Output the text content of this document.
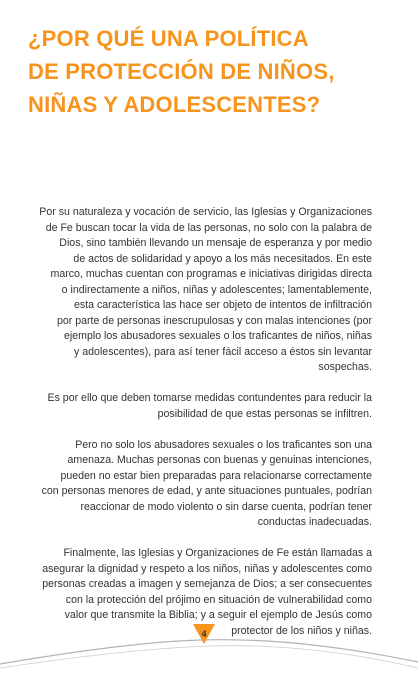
¿POR QUÉ UNA POLÍTICA
DE PROTECCIÓN DE NIÑOS,
NIÑAS Y ADOLESCENTES?

Por su naturaleza y vocación de servicio, las Iglesias y Organizaciones
de Fe buscan tocar la vida de las personas, no solo con la palabra de
Dios, sino también llevando un mensaje de esperanza y por medio
de actos de solidaridad y apoyo a los más necesitados. En este
marco, muchas cuentan con programas e iniciativas dirigidas directa
o indirectamente a niños, niñas y adolescentes; lamentablemente,
esta característica las hace ser objeto de intentos de infiltración
por parte de personas inescrupulosas y con malas intenciones (por
ejemplo los abusadores sexuales o los traficantes de niños, niñas
y adolescentes), para así tener fácil acceso a éstos sin levantar
sospechas.

Es por ello que deben tomarse medidas contundentes para reducir la
posibilidad de que estas personas se infiltren.

Pero no solo los abusadores sexuales o los traficantes son una
amenaza. Muchas personas con buenas y genuinas intenciones,
pueden no estar bien preparadas para relacionarse correctamente
con personas menores de edad, y ante situaciones puntuales, podrían
reaccionar de modo violento o sin darse cuenta, podrían tener
conductas inadecuadas.

Finalmente, las Iglesias y Organizaciones de Fe están llamadas a
asegurar la dignidad y respeto a los niños, niñas y adolescentes como
personas creadas a imagen y semejanza de Dios; a ser consecuentes
con la protección del prójimo en situación de vulnerabilidad como
valor que transmite la Biblia; y a seguir el ejemplo de Jesús como
protector de los niños y niñas.

4
